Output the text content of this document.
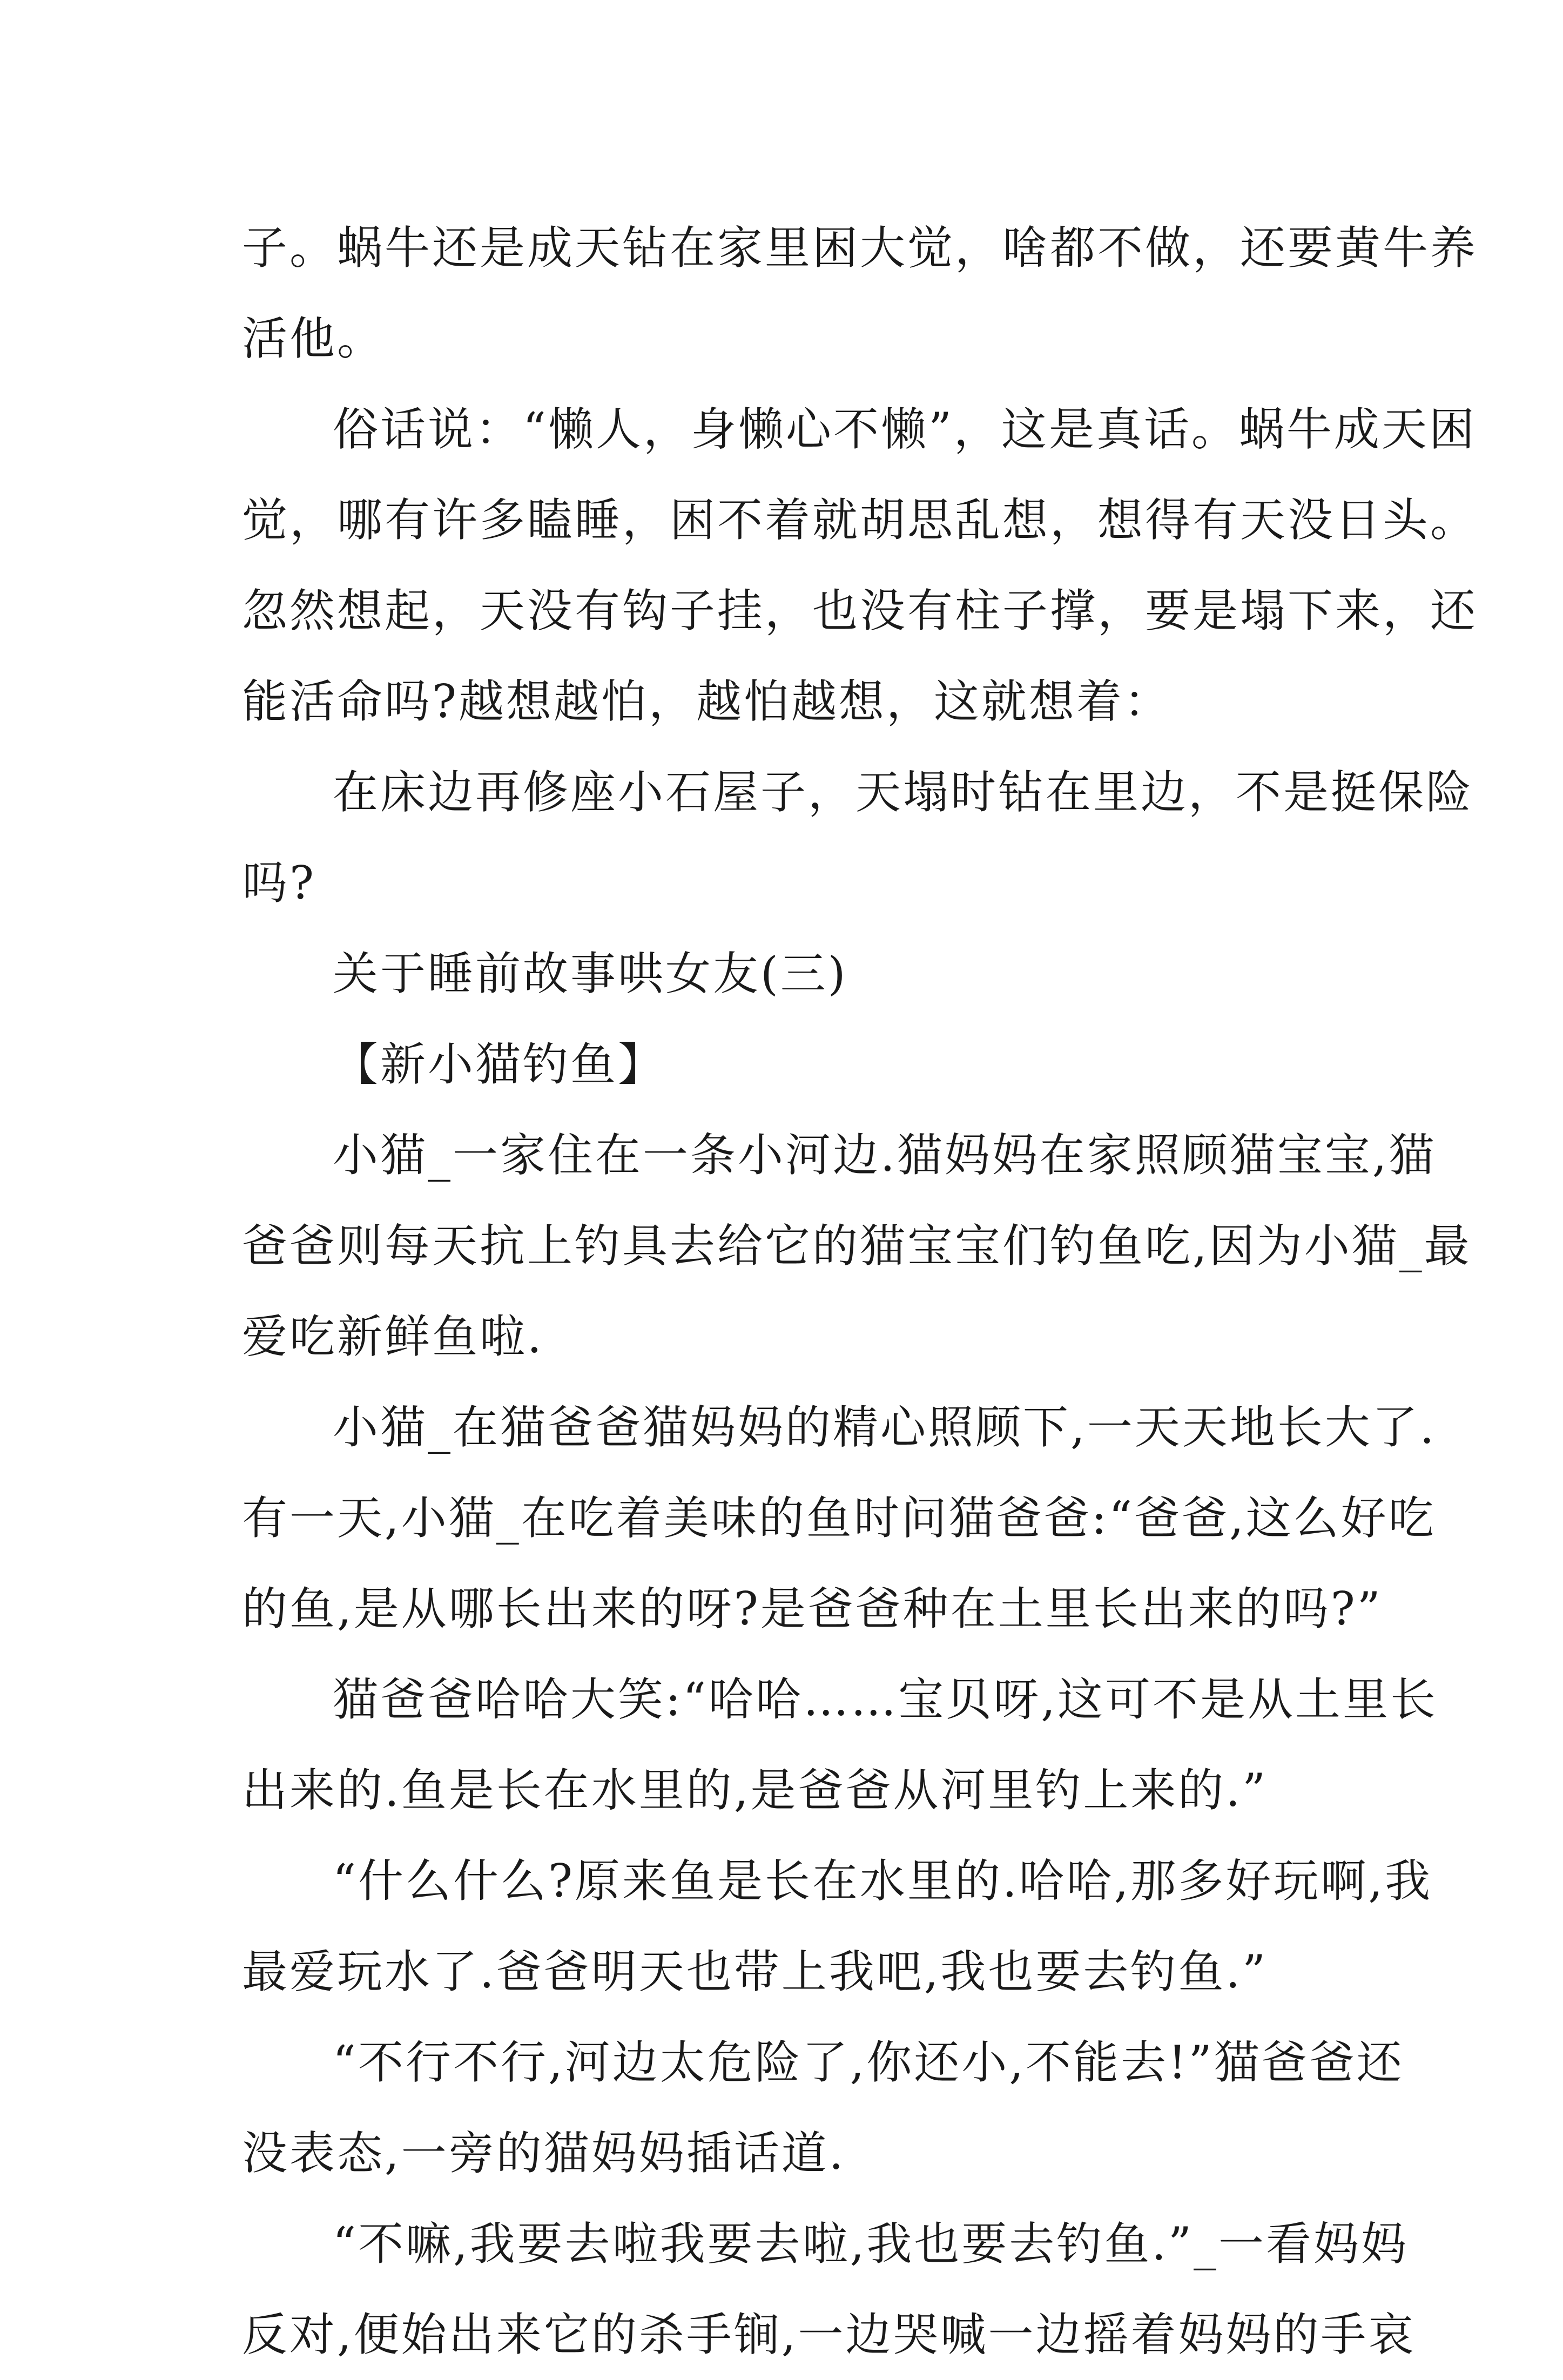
子。蜗牛还是成天钻在家里困大觉，啥都不做，还要黄牛养
活他。
俗话说：“懒人，身懒心不懒”，这是真话。蜗牛成天困
觉，哪有许多瞌睡，困不着就胡思乱想，想得有天没日头。
忽然想起，天没有钩子挂，也没有柱子撑，要是塌下来，还
能活命吗?越想越怕，越怕越想，这就想着：
在床边再修座小石屋子，天塌时钻在里边，不是挺保险
吗?
关于睡前故事哄女友(三)
【新小猫钓鱼】
小猫_一家住在一条小河边.猫妈妈在家照顾猫宝宝,猫
爸爸则每天抗上钓具去给它的猫宝宝们钓鱼吃,因为小猫_最
爱吃新鲜鱼啦.
小猫_在猫爸爸猫妈妈的精心照顾下,一天天地长大了.
有一天,小猫_在吃着美味的鱼时问猫爸爸:“爸爸,这么好吃
的鱼,是从哪长出来的呀?是爸爸种在土里长出来的吗?”
猫爸爸哈哈大笑:“哈哈……宝贝呀,这可不是从土里长
出来的.鱼是长在水里的,是爸爸从河里钓上来的.”
“什么什么?原来鱼是长在水里的.哈哈,那多好玩啊,我
最爱玩水了.爸爸明天也带上我吧,我也要去钓鱼.”
“不行不行,河边太危险了,你还小,不能去!”猫爸爸还
没表态,一旁的猫妈妈插话道.
“不嘛,我要去啦我要去啦,我也要去钓鱼.”_一看妈妈
反对,便始出来它的杀手锏,一边哭喊一边摇着妈妈的手哀
